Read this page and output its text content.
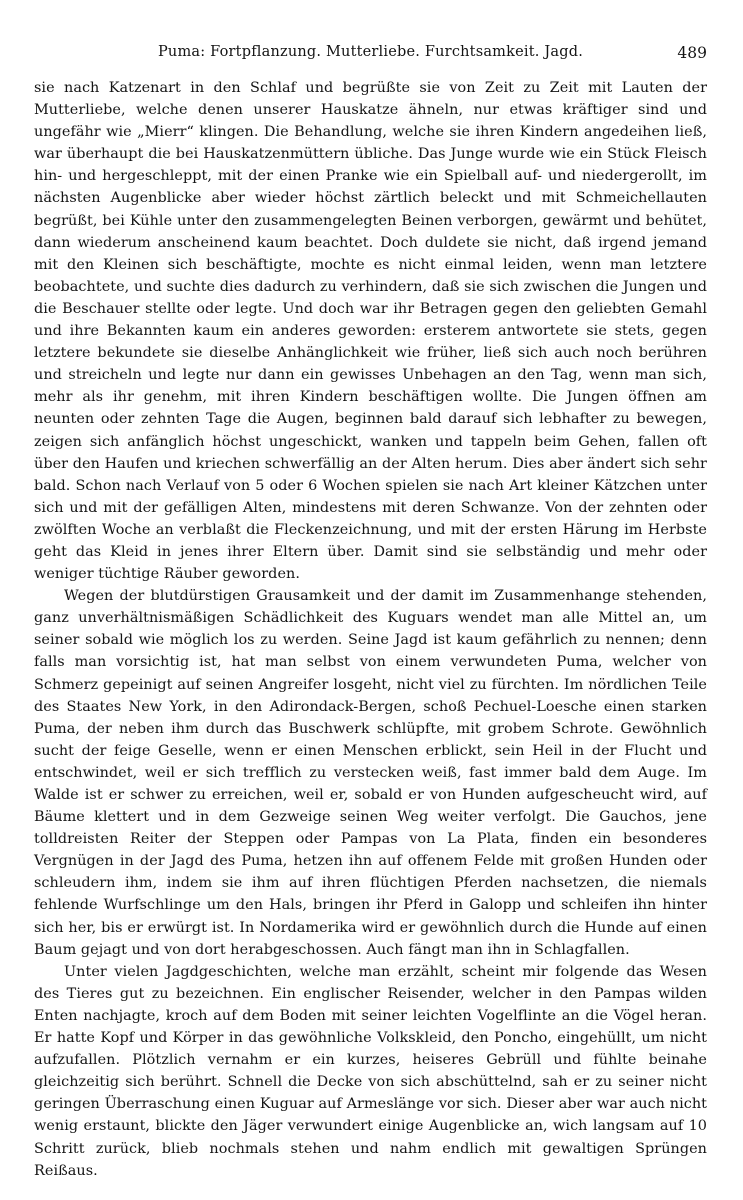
Puma: Fortpflanzung. Mutterliebe. Furchtsamkeit. Jagd.	489

sie nach Katzenart in den Schlaf und begrüßte sie von Zeit zu Zeit mit Lauten der Mutterliebe, welche denen unserer Hauskatze ähneln, nur etwas kräftiger sind und ungefähr wie „Mierr“ klingen. Die Behandlung, welche sie ihren Kindern angedeihen ließ, war überhaupt die bei Hauskatzenmüttern übliche. Das Junge wurde wie ein Stück Fleisch hin- und hergeschleppt, mit der einen Pranke wie ein Spielball auf- und niedergerollt, im nächsten Augenblicke aber wieder höchst zärtlich beleckt und mit Schmeichellauten begrüßt, bei Kühle unter den zusammengelegten Beinen verborgen, gewärmt und behütet, dann wiederum anscheinend kaum beachtet. Doch duldete sie nicht, daß irgend jemand mit den Kleinen sich beschäftigte, mochte es nicht einmal leiden, wenn man letztere beobachtete, und suchte dies dadurch zu verhindern, daß sie sich zwischen die Jungen und die Beschauer stellte oder legte. Und doch war ihr Betragen gegen den geliebten Gemahl und ihre Bekannten kaum ein anderes geworden: ersterem antwortete sie stets, gegen letztere bekundete sie dieselbe Anhänglichkeit wie früher, ließ sich auch noch berühren und streicheln und legte nur dann ein gewisses Unbehagen an den Tag, wenn man sich, mehr als ihr genehm, mit ihren Kindern beschäftigen wollte. Die Jungen öffnen am neunten oder zehnten Tage die Augen, beginnen bald darauf sich lebhafter zu bewegen, zeigen sich anfänglich höchst ungeschickt, wanken und tappeln beim Gehen, fallen oft über den Haufen und kriechen schwerfällig an der Alten herum. Dies aber ändert sich sehr bald. Schon nach Verlauf von 5 oder 6 Wochen spielen sie nach Art kleiner Kätzchen unter sich und mit der gefälligen Alten, mindestens mit deren Schwanze. Von der zehnten oder zwölften Woche an verblaßt die Fleckenzeichnung, und mit der ersten Härung im Herbste geht das Kleid in jenes ihrer Eltern über. Damit sind sie selbständig und mehr oder weniger tüchtige Räuber geworden.

Wegen der blutdürstigen Grausamkeit und der damit im Zusammenhange stehenden, ganz unverhältnismäßigen Schädlichkeit des Kuguars wendet man alle Mittel an, um seiner sobald wie möglich los zu werden. Seine Jagd ist kaum gefährlich zu nennen; denn falls man vorsichtig ist, hat man selbst von einem verwundeten Puma, welcher von Schmerz gepeinigt auf seinen Angreifer losgeht, nicht viel zu fürchten. Im nördlichen Teile des Staates New York, in den Adirondack-Bergen, schoß Pechuel-Loesche einen starken Puma, der neben ihm durch das Buschwerk schlüpfte, mit grobem Schrote. Gewöhnlich sucht der feige Geselle, wenn er einen Menschen erblickt, sein Heil in der Flucht und entschwindet, weil er sich trefflich zu verstecken weiß, fast immer bald dem Auge. Im Walde ist er schwer zu erreichen, weil er, sobald er von Hunden aufgescheucht wird, auf Bäume klettert und in dem Gezweige seinen Weg weiter verfolgt. Die Gauchos, jene tolldreisten Reiter der Steppen oder Pampas von La Plata, finden ein besonderes Vergnügen in der Jagd des Puma, hetzen ihn auf offenem Felde mit großen Hunden oder schleudern ihm, indem sie ihm auf ihren flüchtigen Pferden nachsetzen, die niemals fehlende Wurfschlinge um den Hals, bringen ihr Pferd in Galopp und schleifen ihn hinter sich her, bis er erwürgt ist. In Nordamerika wird er gewöhnlich durch die Hunde auf einen Baum gejagt und von dort herabgeschossen. Auch fängt man ihn in Schlagfallen.

Unter vielen Jagdgeschichten, welche man erzählt, scheint mir folgende das Wesen des Tieres gut zu bezeichnen. Ein englischer Reisender, welcher in den Pampas wilden Enten nachjagte, kroch auf dem Boden mit seiner leichten Vogelflinte an die Vögel heran. Er hatte Kopf und Körper in das gewöhnliche Volkskleid, den Poncho, eingehüllt, um nicht aufzufallen. Plötzlich vernahm er ein kurzes, heiseres Gebrüll und fühlte beinahe gleichzeitig sich berührt. Schnell die Decke von sich abschüttelnd, sah er zu seiner nicht geringen Überraschung einen Kuguar auf Armeslänge vor sich. Dieser aber war auch nicht wenig erstaunt, blickte den Jäger verwundert einige Augenblicke an, wich langsam auf 10 Schritt zurück, blieb nochmals stehen und nahm endlich mit gewaltigen Sprüngen Reißaus.
